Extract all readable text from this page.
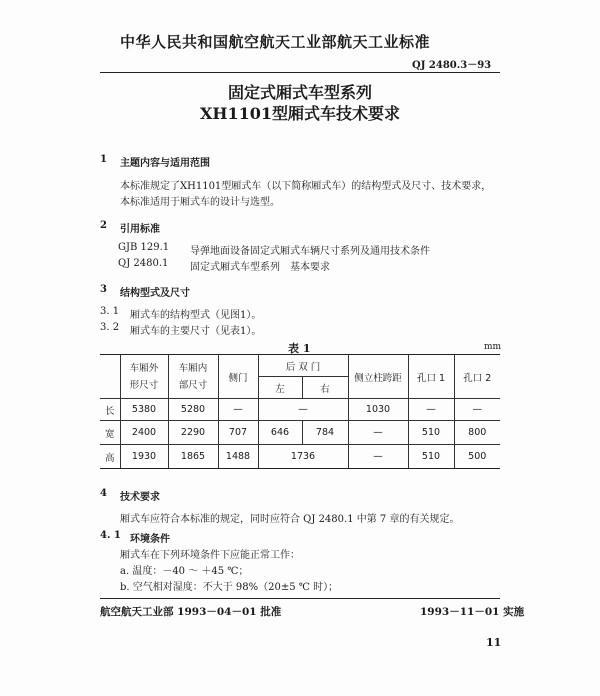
中华人民共和国航空航天工业部航天工业标准
QJ 2480.3－93
固定式厢式车型系列
XH1101型厢式车技术要求
1 主题内容与适用范围
本标准规定了XH1101型厢式车（以下简称厢式车）的结构型式及尺寸、技术要求，
本标准适用于厢式车的设计与选型。
2 引用标准
GJB 129.1 导弹地面设备固定式厢式车辆尺寸系列及通用技术条件
QJ 2480.1 固定式厢式车型系列　基本要求
3 结构型式及尺寸
3. 1 厢式车的结构型式（见图1）。
3. 2 厢式车的主要尺寸（见表1）。
表 1	mm

	车厢外
形尺寸	车厢内
部尺寸	侧门	后 双 门		侧立柱跨距	孔口 1	孔口 2
				左	右			
长	5380	5280	—	—		1030	—	—
宽	2400	2290	707	646	784	—	510	800
高	1930	1865	1488	1736		—	510	500
4 技术要求
厢式车应符合本标准的规定，同时应符合 QJ 2480.1 中第 7 章的有关规定。
4. 1 环境条件
厢式车在下列环境条件下应能正常工作：
a. 温度：－40 ～ ＋45 ℃；
b. 空气相对湿度：不大于 98%（20±5 ℃ 时）；
航空航天工业部 1993－04－01 批准	1993－11－01 实施
11
